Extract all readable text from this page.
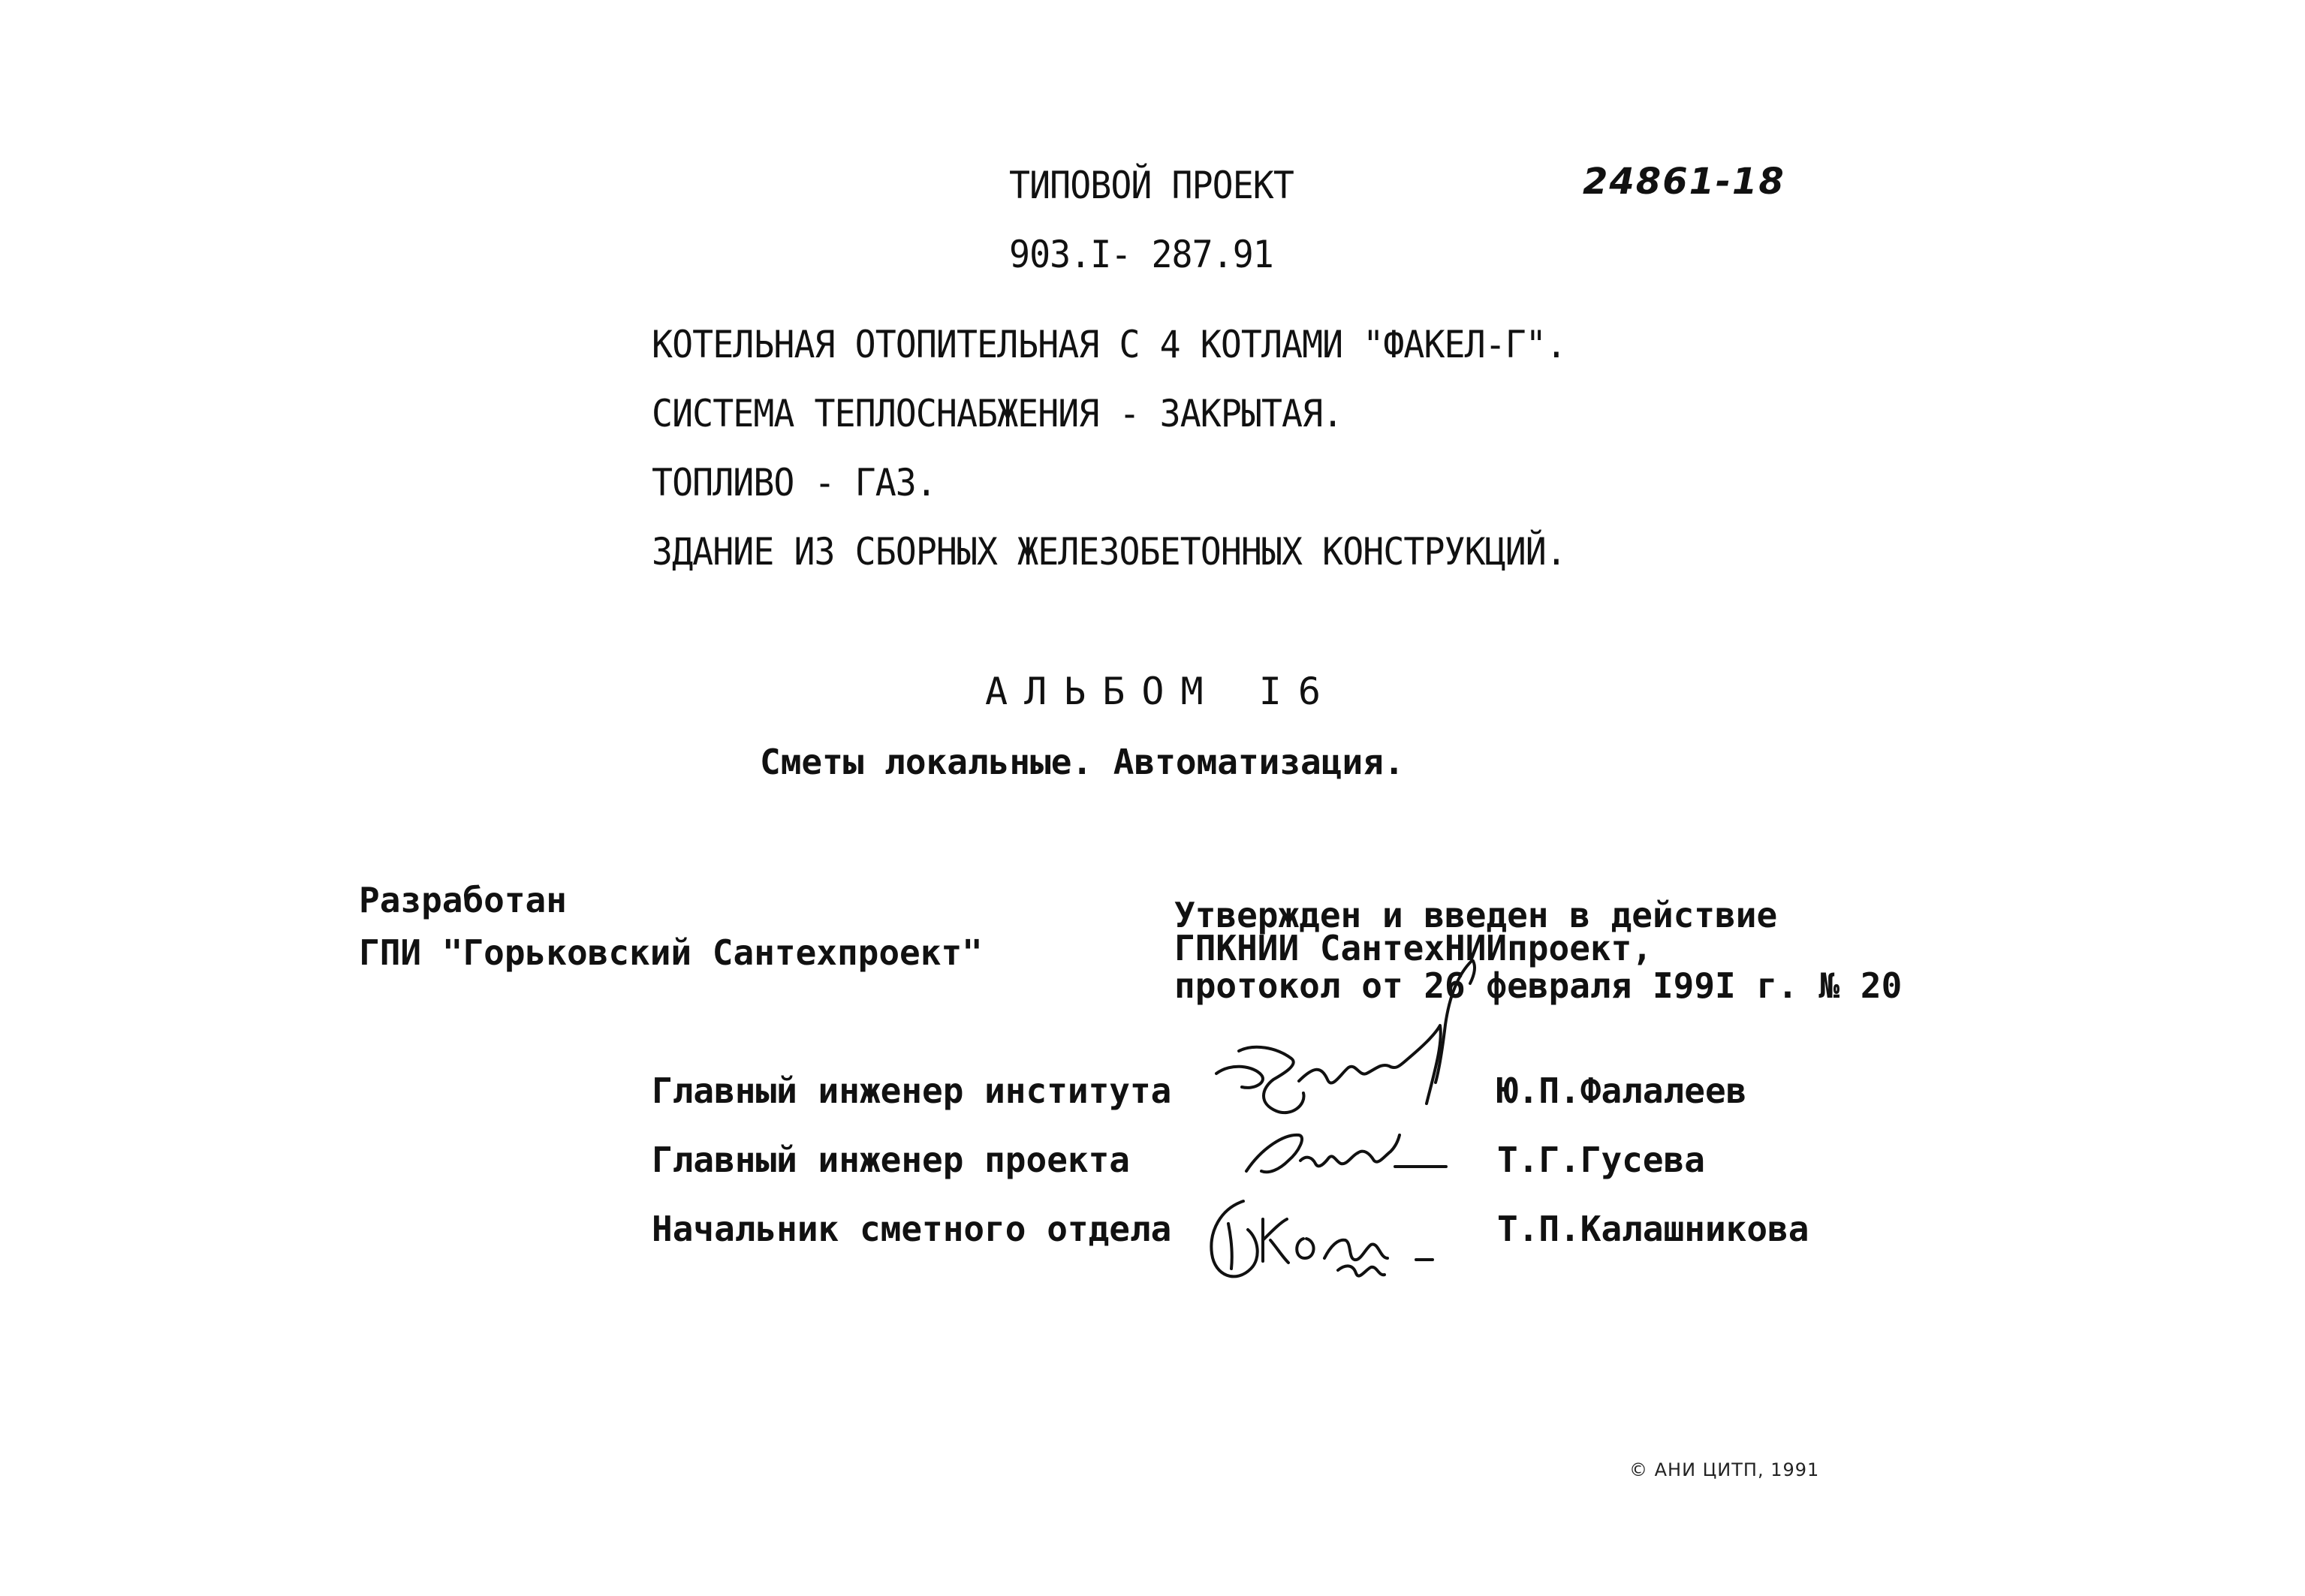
ТИПОВОЙ ПРОЕКТ	24861-18
903.I- 287.91
КОТЕЛЬНАЯ ОТОПИТЕЛЬНАЯ С 4 КОТЛАМИ "ФАКЕЛ-Г".
СИСТЕМА ТЕПЛОСНАБЖЕНИЯ - ЗАКРЫТАЯ.
ТОПЛИВО - ГАЗ.
ЗДАНИЕ ИЗ СБОРНЫХ ЖЕЛЕЗОБЕТОННЫХ КОНСТРУКЦИЙ.
АЛЬБОМ I6
Сметы локальные. Автоматизация.
Разработан
ГПИ "Горьковский Сантехпроект"
Утвержден и введен в действие
ГПКНИИ СантехНИИпроект,
протокол от 26 февраля I99I г. № 20
Главный инженер института	Ю.П.Фалалеев
Главный инженер проекта	Т.Г.Гусева
Начальник сметного отдела	Т.П.Калашникова
© АНИ ЦИТП, 1991
